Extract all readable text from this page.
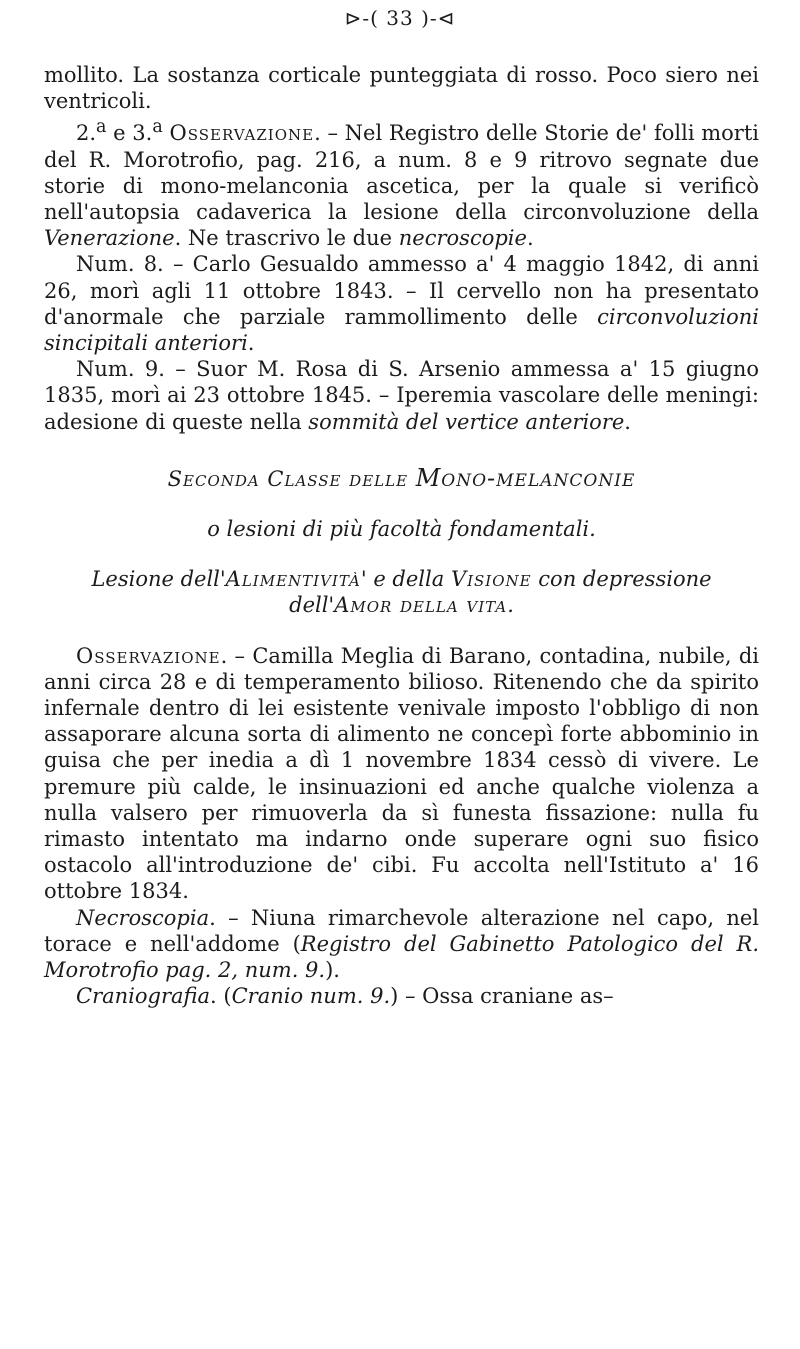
⊳-( 33 )-⊲

mollito. La sostanza corticale punteggiata di rosso. Poco siero nei ventricoli.

2.$^a$ e 3.$^a$ Osservazione. – Nel Registro delle Storie de' folli morti del R. Morotrofio, pag. 216, a num. 8 e 9 ritrovo segnate due storie di mono-melanconia ascetica, per la quale si verificò nell'autopsia cadaverica la lesione della circonvoluzione della Venerazione. Ne trascrivo le due necroscopie.

Num. 8. – Carlo Gesualdo ammesso a' 4 maggio 1842, di anni 26, morì agli 11 ottobre 1843. – Il cervello non ha presentato d'anormale che parziale rammollimento delle circonvoluzioni sincipitali anteriori.

Num. 9. – Suor M. Rosa di S. Arsenio ammessa a' 15 giugno 1835, morì ai 23 ottobre 1845. – Iperemia vascolare delle meningi: adesione di queste nella sommità del vertice anteriore.

Seconda Classe delle Mono-melanconie

o lesioni di più facoltà fondamentali.

Lesione dell'Alimentività' e della Visione con depressione
dell'Amor della vita.

Osservazione. – Camilla Meglia di Barano, contadina, nubile, di anni circa 28 e di temperamento bilioso. Ritenendo che da spirito infernale dentro di lei esistente venivale imposto l'obbligo di non assaporare alcuna sorta di alimento ne concepì forte abbominio in guisa che per inedia a dì 1 novembre 1834 cessò di vivere. Le premure più calde, le insinuazioni ed anche qualche violenza a nulla valsero per rimuoverla da sì funesta fissazione: nulla fu rimasto intentato ma indarno onde superare ogni suo fisico ostacolo all'introduzione de' cibi. Fu accolta nell'Istituto a' 16 ottobre 1834.

Necroscopia. – Niuna rimarchevole alterazione nel capo, nel torace e nell'addome (Registro del Gabinetto Patologico del R. Morotrofio pag. 2, num. 9.).

Craniografia. (Cranio num. 9.) – Ossa craniane as–
